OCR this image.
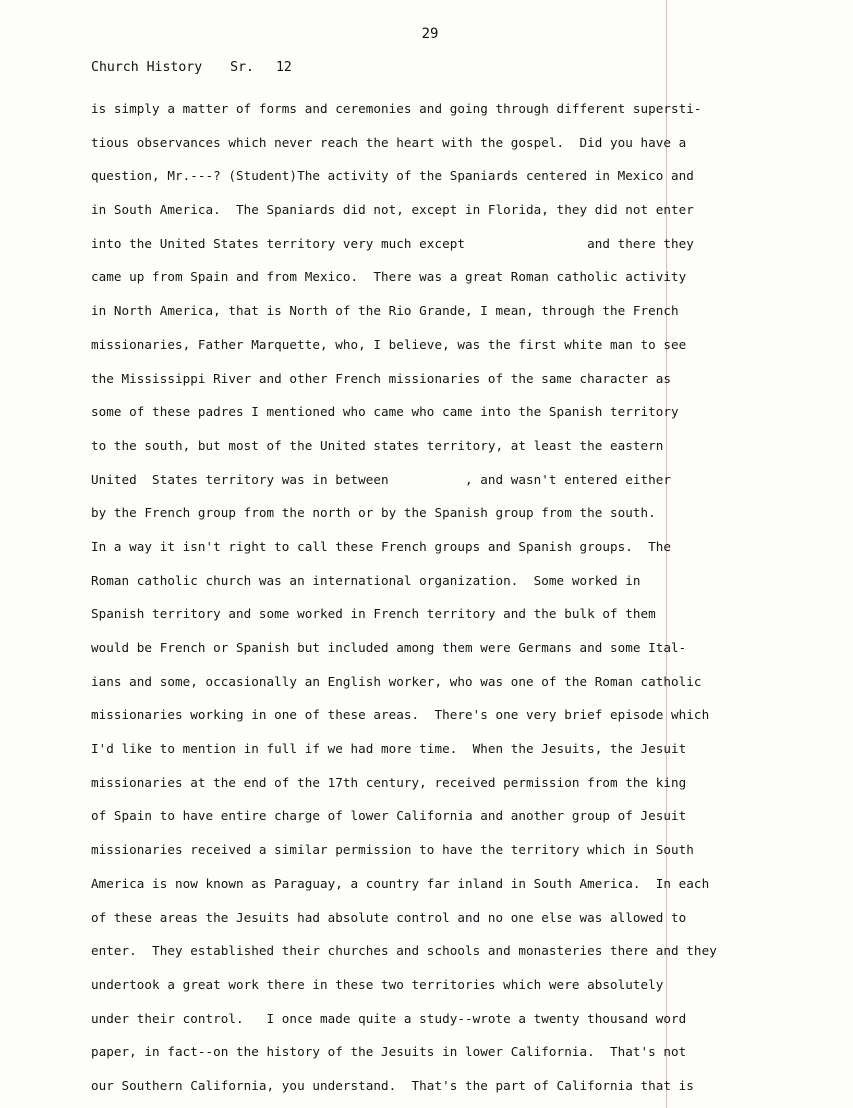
29
Church History Sr. 12
is simply a matter of forms and ceremonies and going through different supersti-
tious observances which never reach the heart with the gospel.  Did you have a
question, Mr.---? (Student)The activity of the Spaniards centered in Mexico and
in South America.  The Spaniards did not, except in Florida, they did not enter
into the United States territory very much except                and there they
came up from Spain and from Mexico.  There was a great Roman catholic activity
in North America, that is North of the Rio Grande, I mean, through the French
missionaries, Father Marquette, who, I believe, was the first white man to see
the Mississippi River and other French missionaries of the same character as
some of these padres I mentioned who came who came into the Spanish territory
to the south, but most of the United states territory, at least the eastern
United  States territory was in between          , and wasn't entered either
by the French group from the north or by the Spanish group from the south.
In a way it isn't right to call these French groups and Spanish groups.  The
Roman catholic church was an international organization.  Some worked in
Spanish territory and some worked in French territory and the bulk of them
would be French or Spanish but included among them were Germans and some Ital-
ians and some, occasionally an English worker, who was one of the Roman catholic
missionaries working in one of these areas.  There's one very brief episode which
I'd like to mention in full if we had more time.  When the Jesuits, the Jesuit
missionaries at the end of the 17th century, received permission from the king
of Spain to have entire charge of lower California and another group of Jesuit
missionaries received a similar permission to have the territory which in South
America is now known as Paraguay, a country far inland in South America.  In each
of these areas the Jesuits had absolute control and no one else was allowed to
enter.  They established their churches and schools and monasteries there and they
undertook a great work there in these two territories which were absolutely
under their control.   I once made quite a study--wrote a twenty thousand word
paper, in fact--on the history of the Jesuits in lower California.  That's not
our Southern California, you understand.  That's the part of California that is
